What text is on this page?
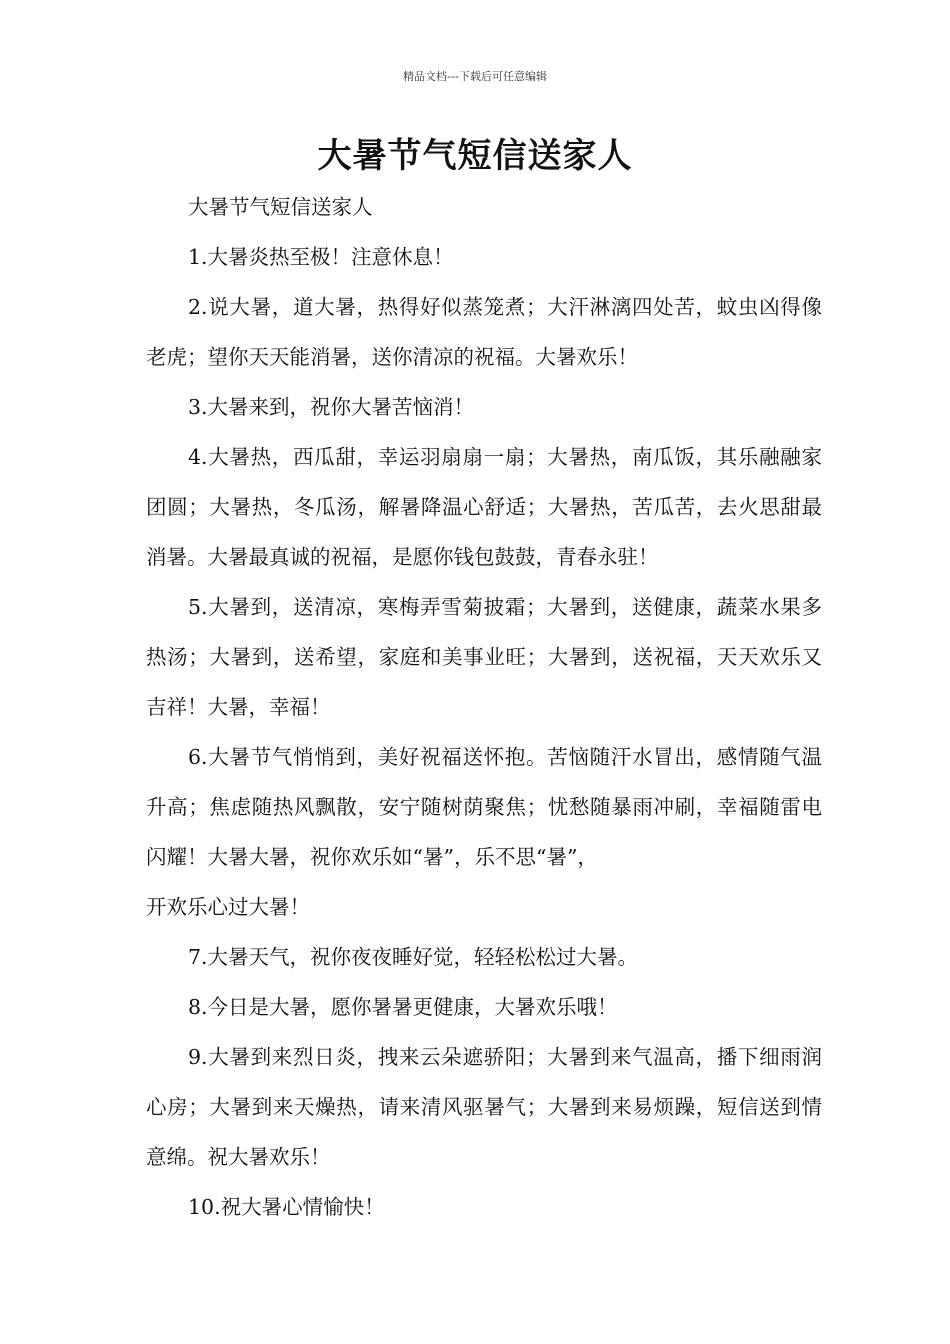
精品文档---下载后可任意编辑
大暑节气短信送家人

大暑节气短信送家人

1.大暑炎热至极！注意休息！

2.说大暑，道大暑，热得好似蒸笼煮；大汗淋漓四处苦，蚊虫凶得像老虎；望你天天能消暑，送你清凉的祝福。大暑欢乐！

3.大暑来到，祝你大暑苦恼消！

4.大暑热，西瓜甜，幸运羽扇扇一扇；大暑热，南瓜饭，其乐融融家团圆；大暑热，冬瓜汤，解暑降温心舒适；大暑热，苦瓜苦，去火思甜最消暑。大暑最真诚的祝福，是愿你钱包鼓鼓，青春永驻！

5.大暑到，送清凉，寒梅弄雪菊披霜；大暑到，送健康，蔬菜水果多热汤；大暑到，送希望，家庭和美事业旺；大暑到，送祝福，天天欢乐又吉祥！大暑，幸福！

6.大暑节气悄悄到，美好祝福送怀抱。苦恼随汗水冒出，感情随气温升高；焦虑随热风飘散，安宁随树荫聚焦；忧愁随暴雨冲刷，幸福随雷电闪耀！大暑大暑，祝你欢乐如“暑”，乐不思“暑”，

开欢乐心过大暑！

7.大暑天气，祝你夜夜睡好觉，轻轻松松过大暑。

8.今日是大暑，愿你暑暑更健康，大暑欢乐哦！

9.大暑到来烈日炎，拽来云朵遮骄阳；大暑到来气温高，播下细雨润心房；大暑到来天燥热，请来清风驱暑气；大暑到来易烦躁，短信送到情意绵。祝大暑欢乐！

10.祝大暑心情愉快！
